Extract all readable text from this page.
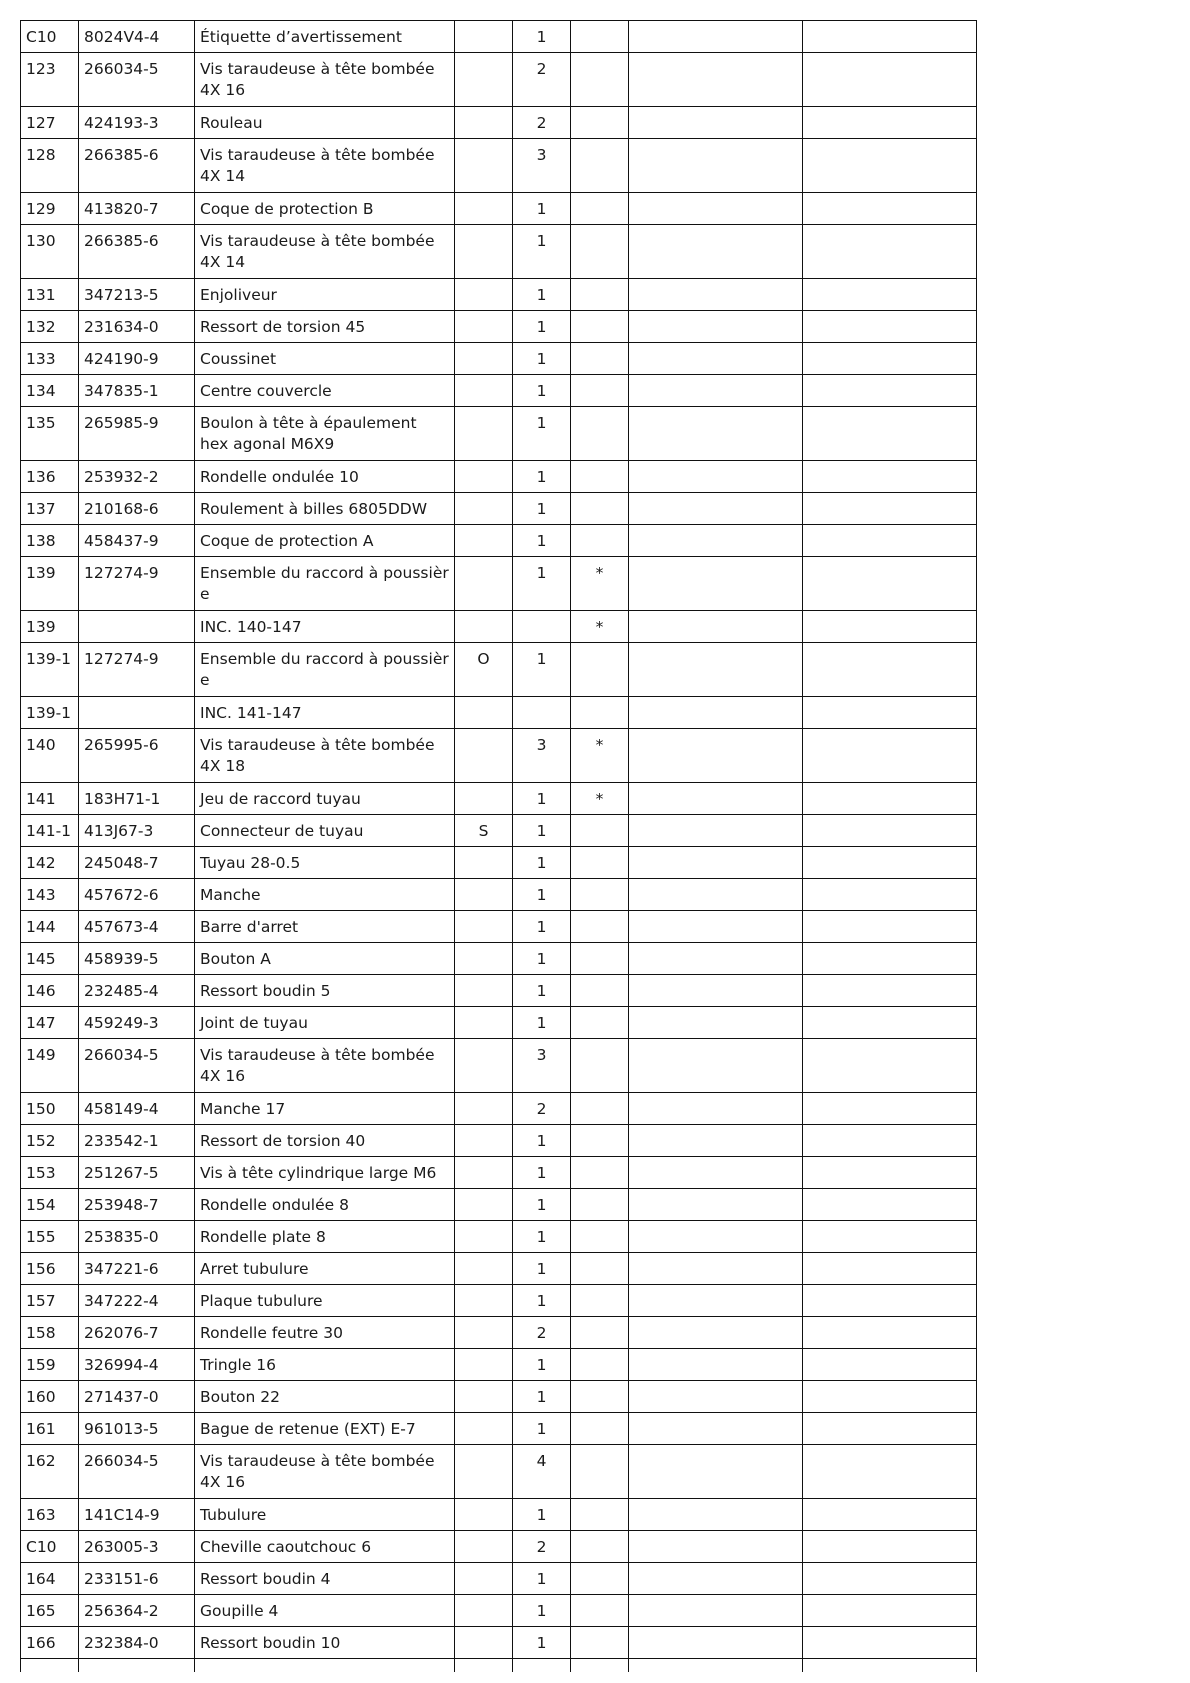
C10	8024V4-4	Étiquette d’avertissement		1			
123	266034-5	Vis taraudeuse à tête bombée 4X 16		2			
127	424193-3	Rouleau		2			
128	266385-6	Vis taraudeuse à tête bombée 4X 14		3			
129	413820-7	Coque de protection B		1			
130	266385-6	Vis taraudeuse à tête bombée 4X 14		1			
131	347213-5	Enjoliveur		1			
132	231634-0	Ressort de torsion 45		1			
133	424190-9	Coussinet		1			
134	347835-1	Centre couvercle		1			
135	265985-9	Boulon à tête à épaulement hex agonal M6X9		1			
136	253932-2	Rondelle ondulée 10		1			
137	210168-6	Roulement à billes 6805DDW		1			
138	458437-9	Coque de protection A		1			
139	127274-9	Ensemble du raccord à poussièr e		1	*		
139		INC. 140-147			*		
139-1	127274-9	Ensemble du raccord à poussièr e	O	1			
139-1		INC. 141-147					
140	265995-6	Vis taraudeuse à tête bombée 4X 18		3	*		
141	183H71-1	Jeu de raccord tuyau		1	*		
141-1	413J67-3	Connecteur de tuyau	S	1			
142	245048-7	Tuyau 28-0.5		1			
143	457672-6	Manche		1			
144	457673-4	Barre d'arret		1			
145	458939-5	Bouton A		1			
146	232485-4	Ressort boudin 5		1			
147	459249-3	Joint de tuyau		1			
149	266034-5	Vis taraudeuse à tête bombée 4X 16		3			
150	458149-4	Manche 17		2			
152	233542-1	Ressort de torsion 40		1			
153	251267-5	Vis à tête cylindrique large M6		1			
154	253948-7	Rondelle ondulée 8		1			
155	253835-0	Rondelle plate 8		1			
156	347221-6	Arret tubulure		1			
157	347222-4	Plaque tubulure		1			
158	262076-7	Rondelle feutre 30		2			
159	326994-4	Tringle 16		1			
160	271437-0	Bouton 22		1			
161	961013-5	Bague de retenue (EXT) E-7		1			
162	266034-5	Vis taraudeuse à tête bombée 4X 16		4			
163	141C14-9	Tubulure		1			
C10	263005-3	Cheville caoutchouc 6		2			
164	233151-6	Ressort boudin 4		1			
165	256364-2	Goupille 4		1			
166	232384-0	Ressort boudin 10		1			
